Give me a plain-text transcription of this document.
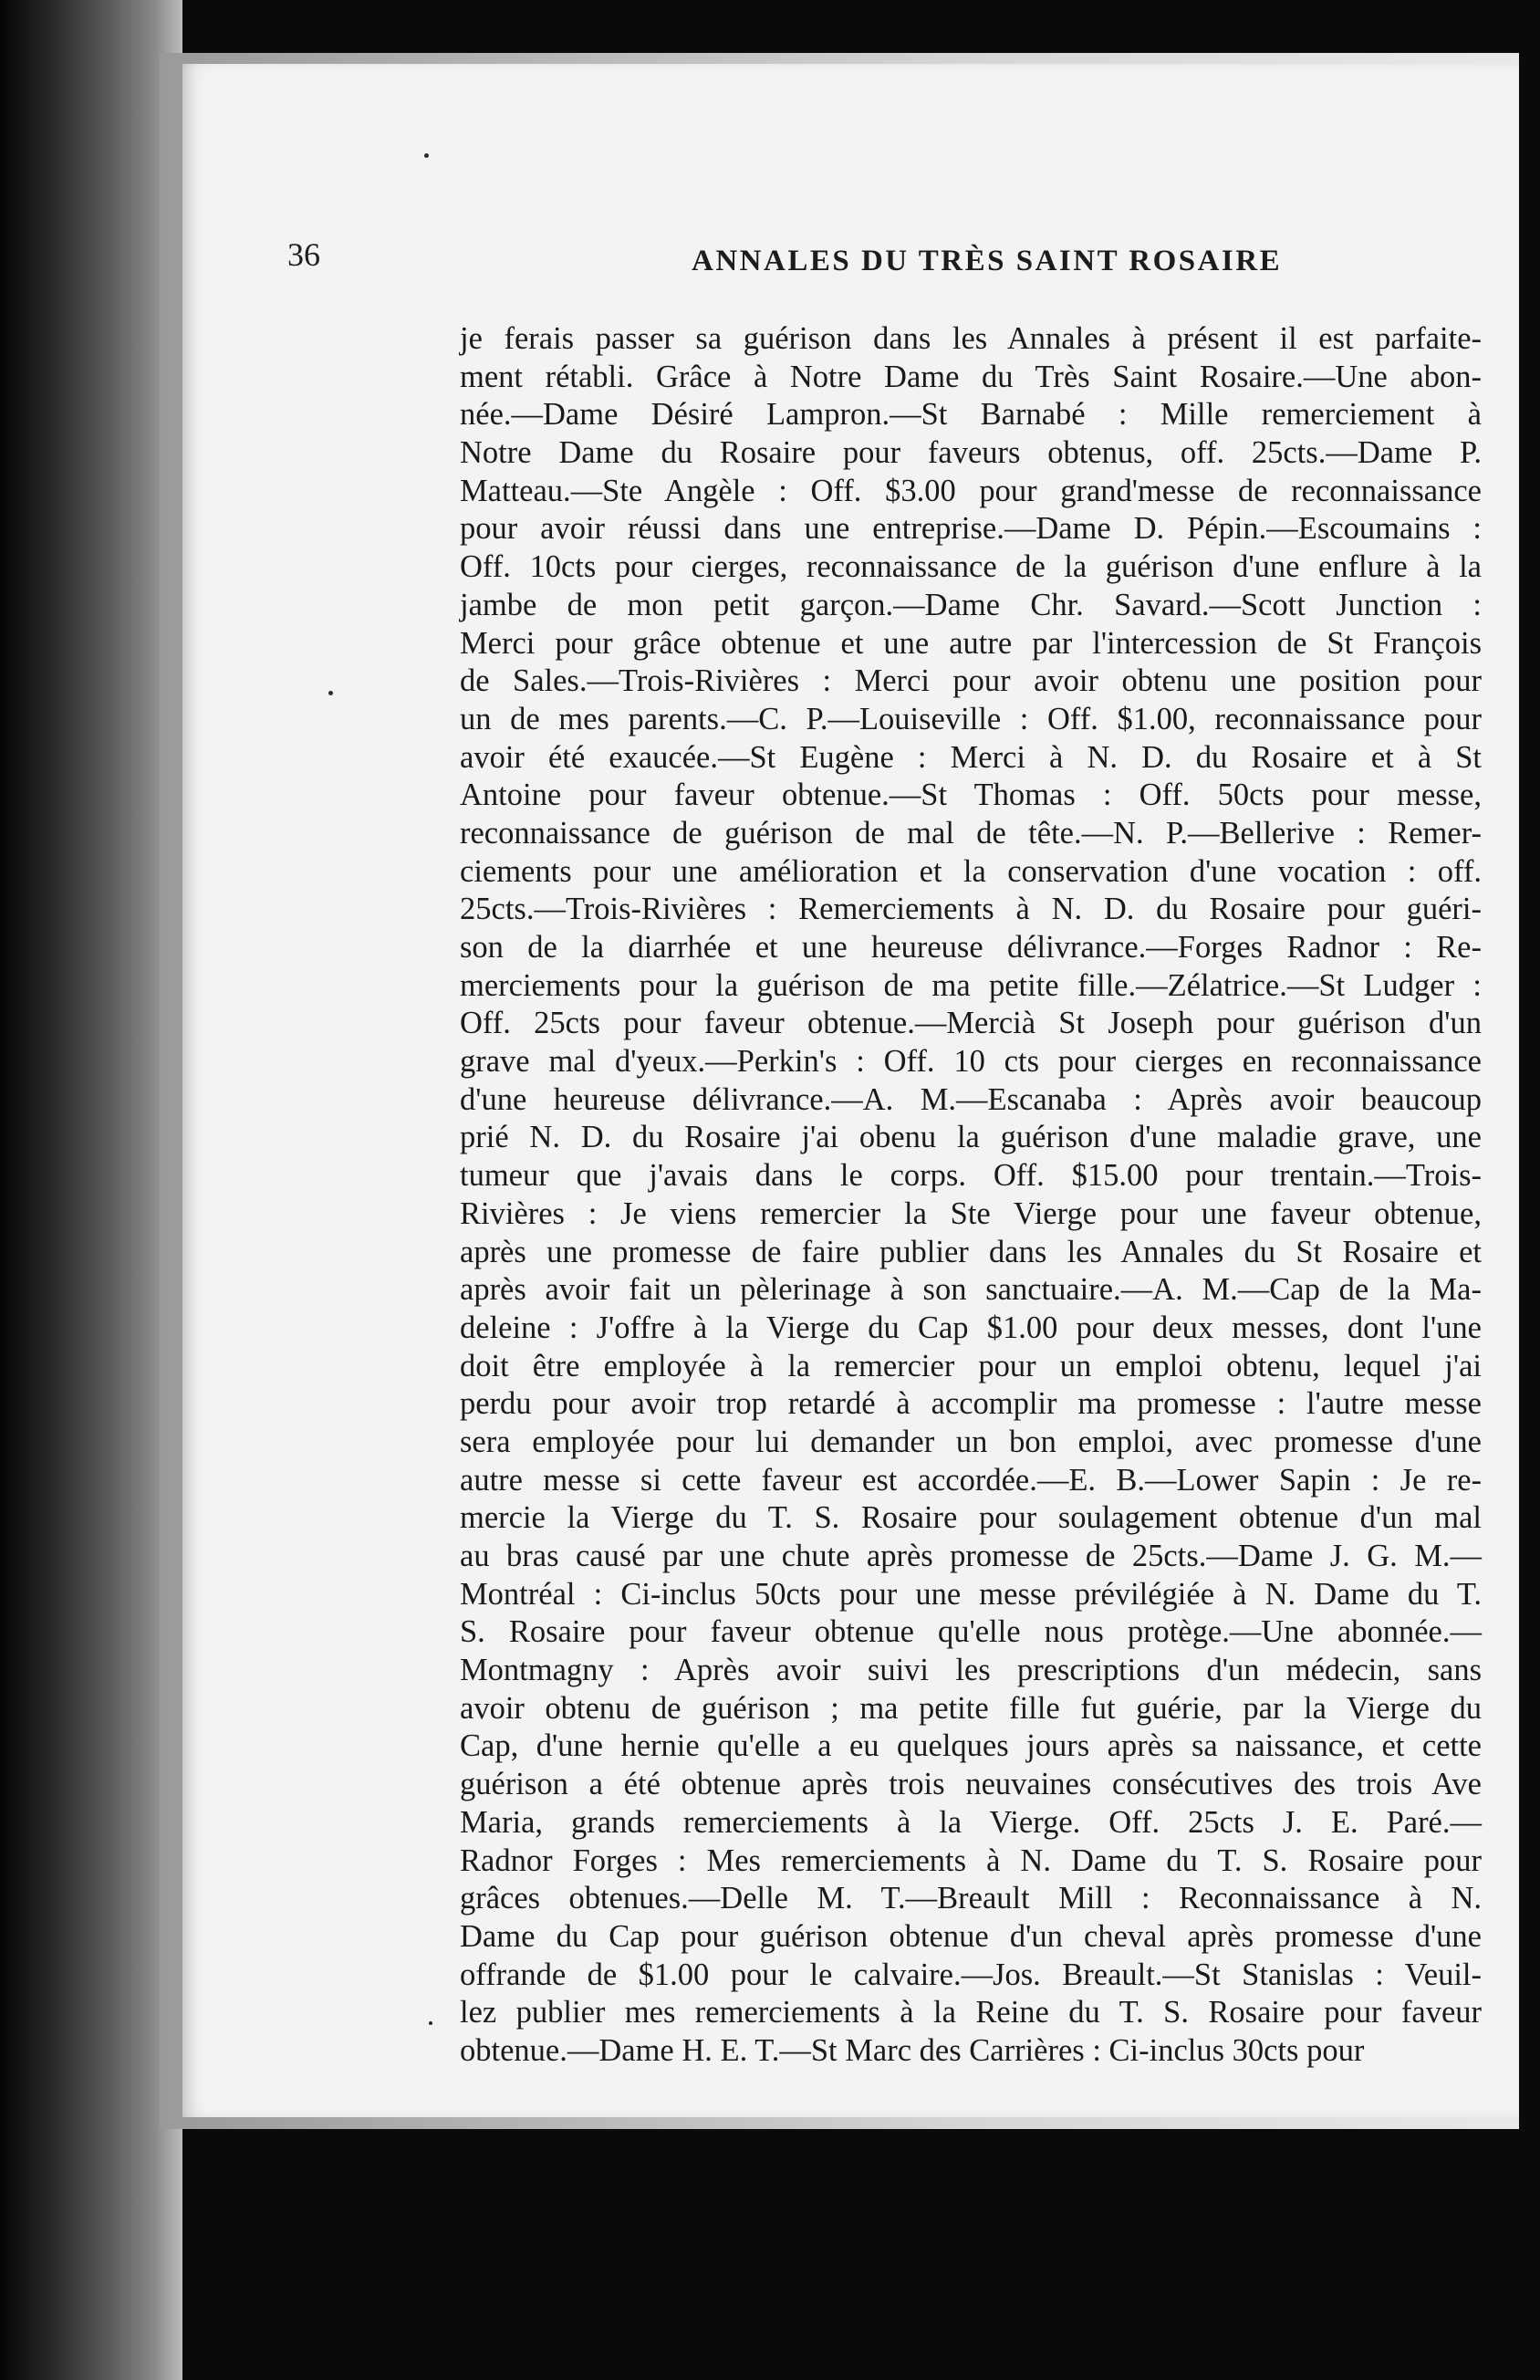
36	ANNALES DU TRÈS SAINT ROSAIRE
je ferais passer sa guérison dans les Annales à présent il est parfaite-
ment rétabli. Grâce à Notre Dame du Très Saint Rosaire.—Une abon-
née.—Dame Désiré Lampron.—St Barnabé : Mille remerciement à
Notre Dame du Rosaire pour faveurs obtenus, off. 25cts.—Dame P.
Matteau.—Ste Angèle : Off. $3.00 pour grand'messe de reconnaissance
pour avoir réussi dans une entreprise.—Dame D. Pépin.—Escoumains :
Off. 10cts pour cierges, reconnaissance de la guérison d'une enflure à la
jambe de mon petit garçon.—Dame Chr. Savard.—Scott Junction :
Merci pour grâce obtenue et une autre par l'intercession de St François
de Sales.—Trois-Rivières : Merci pour avoir obtenu une position pour
un de mes parents.—C. P.—Louiseville : Off. $1.00, reconnaissance pour
avoir été exaucée.—St Eugène : Merci à N. D. du Rosaire et à St
Antoine pour faveur obtenue.—St Thomas : Off. 50cts pour messe,
reconnaissance de guérison de mal de tête.—N. P.—Bellerive : Remer-
ciements pour une amélioration et la conservation d'une vocation : off.
25cts.—Trois-Rivières : Remerciements à N. D. du Rosaire pour guéri-
son de la diarrhée et une heureuse délivrance.—Forges Radnor : Re-
merciements pour la guérison de ma petite fille.—Zélatrice.—St Ludger :
Off. 25cts pour faveur obtenue.—Mercià St Joseph pour guérison d'un
grave mal d'yeux.—Perkin's : Off. 10 cts pour cierges en reconnaissance
d'une heureuse délivrance.—A. M.—Escanaba : Après avoir beaucoup
prié N. D. du Rosaire j'ai obenu la guérison d'une maladie grave, une
tumeur que j'avais dans le corps. Off. $15.00 pour trentain.—Trois-
Rivières : Je viens remercier la Ste Vierge pour une faveur obtenue,
après une promesse de faire publier dans les Annales du St Rosaire et
après avoir fait un pèlerinage à son sanctuaire.—A. M.—Cap de la Ma-
deleine : J'offre à la Vierge du Cap $1.00 pour deux messes, dont l'une
doit être employée à la remercier pour un emploi obtenu, lequel j'ai
perdu pour avoir trop retardé à accomplir ma promesse : l'autre messe
sera employée pour lui demander un bon emploi, avec promesse d'une
autre messe si cette faveur est accordée.—E. B.—Lower Sapin : Je re-
mercie la Vierge du T. S. Rosaire pour soulagement obtenue d'un mal
au bras causé par une chute après promesse de 25cts.—Dame J. G. M.—
Montréal : Ci-inclus 50cts pour une messe prévilégiée à N. Dame du T.
S. Rosaire pour faveur obtenue qu'elle nous protège.—Une abonnée.—
Montmagny : Après avoir suivi les prescriptions d'un médecin, sans
avoir obtenu de guérison ; ma petite fille fut guérie, par la Vierge du
Cap, d'une hernie qu'elle a eu quelques jours après sa naissance, et cette
guérison a été obtenue après trois neuvaines consécutives des trois Ave
Maria, grands remerciements à la Vierge. Off. 25cts J. E. Paré.—
Radnor Forges : Mes remerciements à N. Dame du T. S. Rosaire pour
grâces obtenues.—Delle M. T.—Breault Mill : Reconnaissance à N.
Dame du Cap pour guérison obtenue d'un cheval après promesse d'une
offrande de $1.00 pour le calvaire.—Jos. Breault.—St Stanislas : Veuil-
lez publier mes remerciements à la Reine du T. S. Rosaire pour faveur
obtenue.—Dame H. E. T.—St Marc des Carrières : Ci-inclus 30cts pour
